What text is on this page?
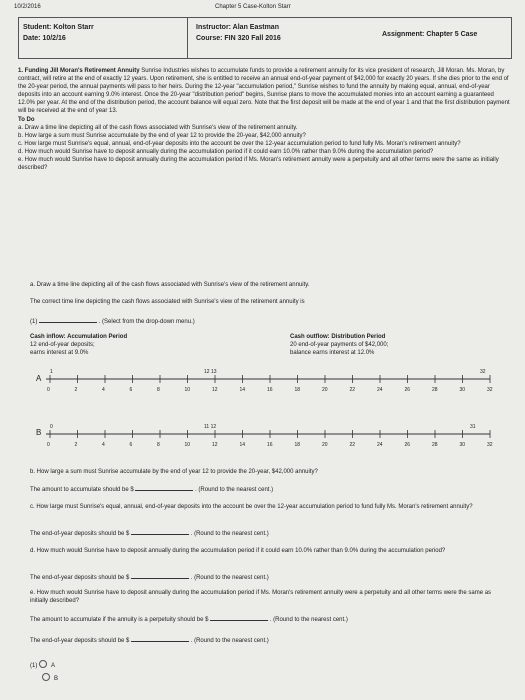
10/2/2016	Chapter 5 Case-Kolton Starr
Student: Kolton Starr
Date: 10/2/16
Instructor: Alan Eastman
Course: FIN 320 Fall 2016
Assignment: Chapter 5 Case

1. Funding Jill Moran's Retirement Annuity Sunrise Industries wishes to accumulate funds to provide a retirement annuity for its vice president of research, Jill Moran. Ms. Moran, by contract, will retire at the end of exactly 12 years. Upon retirement, she is entitled to receive an annual end-of-year payment of $42,000 for exactly 20 years. If she dies prior to the end of the 20-year period, the annual payments will pass to her heirs. During the 12-year "accumulation period," Sunrise wishes to fund the annuity by making equal, annual, end-of-year deposits into an account earning 9.0% interest. Once the 20-year "distribution period" begins, Sunrise plans to move the accumulated monies into an account earning a guaranteed 12.0% per year. At the end of the distribution period, the account balance will equal zero. Note that the first deposit will be made at the end of year 1 and that the first distribution payment will be received at the end of year 13.

To Do

a. Draw a time line depicting all of the cash flows associated with Sunrise's view of the retirement annuity.

b. How large a sum must Sunrise accumulate by the end of year 12 to provide the 20-year, $42,000 annuity?

c. How large must Sunrise's equal, annual, end-of-year deposits into the account be over the 12-year accumulation period to fund fully Ms. Moran's retirement annuity?

d. How much would Sunrise have to deposit annually during the accumulation period if it could earn 10.0% rather than 9.0% during the accumulation period?

e. How much would Sunrise have to deposit annually during the accumulation period if Ms. Moran's retirement annuity were a perpetuity and all other terms were the same as initially described?

a. Draw a time line depicting all of the cash flows associated with Sunrise's view of the retirement annuity.
The correct time line depicting the cash flows associated with Sunrise's view of the retirement annuity is
(1)	. (Select from the drop-down menu.)
Cash inflow: Accumulation Period
12 end-of-year deposits;
earns interest at 9.0%
Cash outflow: Distribution Period
20 end-of-year payments of $42,000;
balance earns interest at 12.0%
A
B
1	12 13	32
0	11 12	31
0	2	4	6	8	10	12	14	16	18	20	22	24	26	28	30	32
0	2	4	6	8	10	12	14	16	18	20	22	24	26	28	30	32
b. How large a sum must Sunrise accumulate by the end of year 12 to provide the 20-year, $42,000 annuity?
The amount to accumulate should be $	. (Round to the nearest cent.)
c. How large must Sunrise's equal, annual, end-of-year deposits into the account be over the 12-year accumulation period to fund fully Ms. Moran's retirement annuity?
The end-of-year deposits should be $	. (Round to the nearest cent.)
d. How much would Sunrise have to deposit annually during the accumulation period if it could earn 10.0% rather than 9.0% during the accumulation period?
The end-of-year deposits should be $	. (Round to the nearest cent.)
e. How much would Sunrise have to deposit annually during the accumulation period if Ms. Moran's retirement annuity were a perpetuity and all other terms were the same as initially described?
The amount to accumulate if the annuity is a perpetuity should be $	. (Round to the nearest cent.)
The end-of-year deposits should be $	. (Round to the nearest cent.)
(1) A
B
